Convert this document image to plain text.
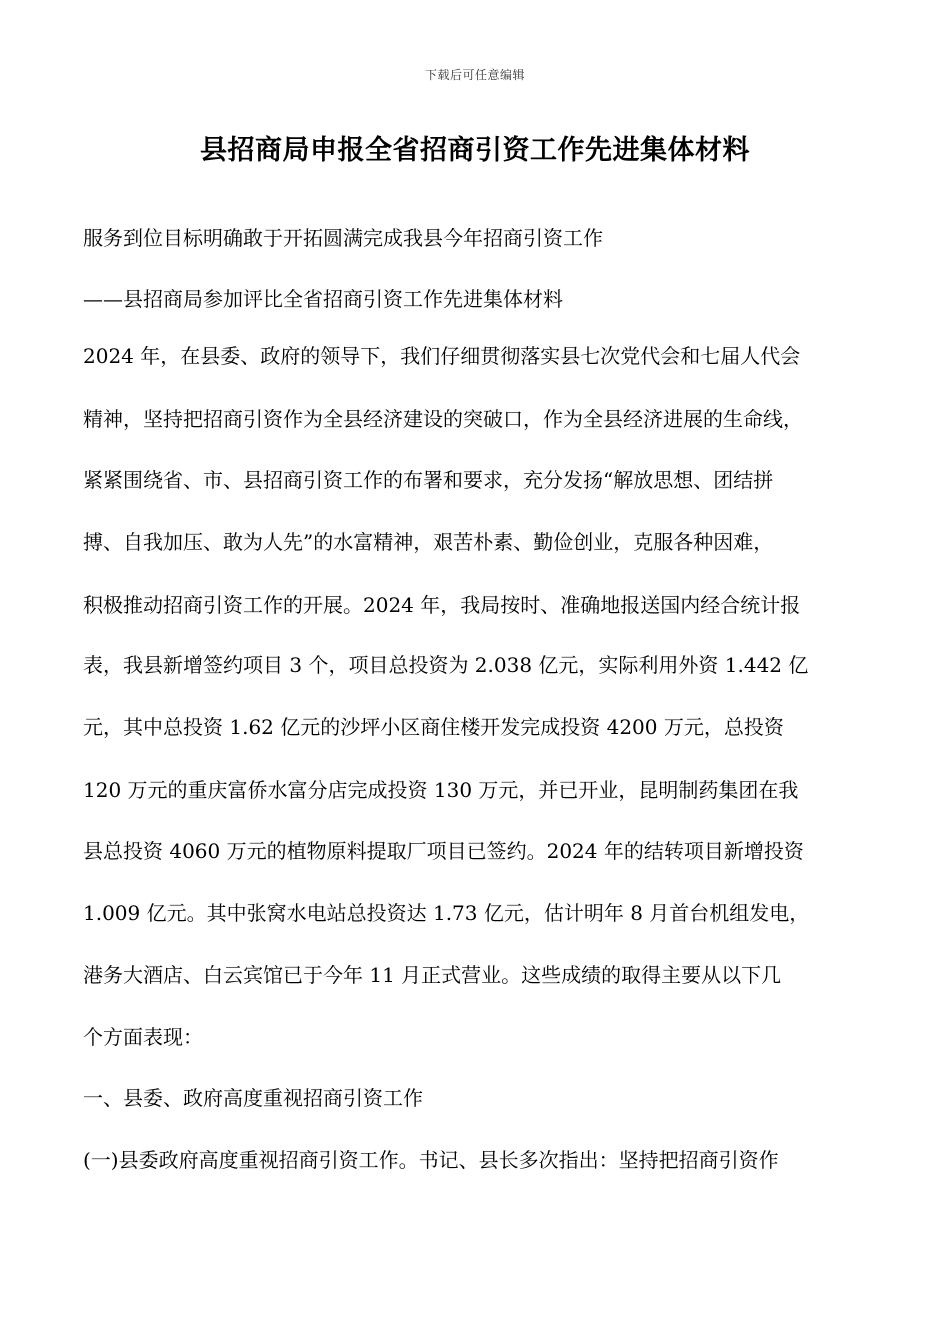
下载后可任意编辑
县招商局申报全省招商引资工作先进集体材料
服务到位目标明确敢于开拓圆满完成我县今年招商引资工作
——县招商局参加评比全省招商引资工作先进集体材料
2024 年，在县委、政府的领导下，我们仔细贯彻落实县七次党代会和七届人代会
精神，坚持把招商引资作为全县经济建设的突破口，作为全县经济进展的生命线，
紧紧围绕省、市、县招商引资工作的布署和要求，充分发扬“解放思想、团结拼
搏、自我加压、敢为人先”的水富精神，艰苦朴素、勤俭创业，克服各种因难，
积极推动招商引资工作的开展。2024 年，我局按时、准确地报送国内经合统计报
表，我县新增签约项目 3 个，项目总投资为 2.038 亿元，实际利用外资 1.442 亿
元，其中总投资 1.62 亿元的沙坪小区商住楼开发完成投资 4200 万元，总投资
120 万元的重庆富侨水富分店完成投资 130 万元，并已开业，昆明制药集团在我
县总投资 4060 万元的植物原料提取厂项目已签约。2024 年的结转项目新增投资
1.009 亿元。其中张窝水电站总投资达 1.73 亿元，估计明年 8 月首台机组发电，
港务大酒店、白云宾馆已于今年 11 月正式营业。这些成绩的取得主要从以下几
个方面表现：
一、县委、政府高度重视招商引资工作
(一)县委政府高度重视招商引资工作。书记、县长多次指出：坚持把招商引资作
